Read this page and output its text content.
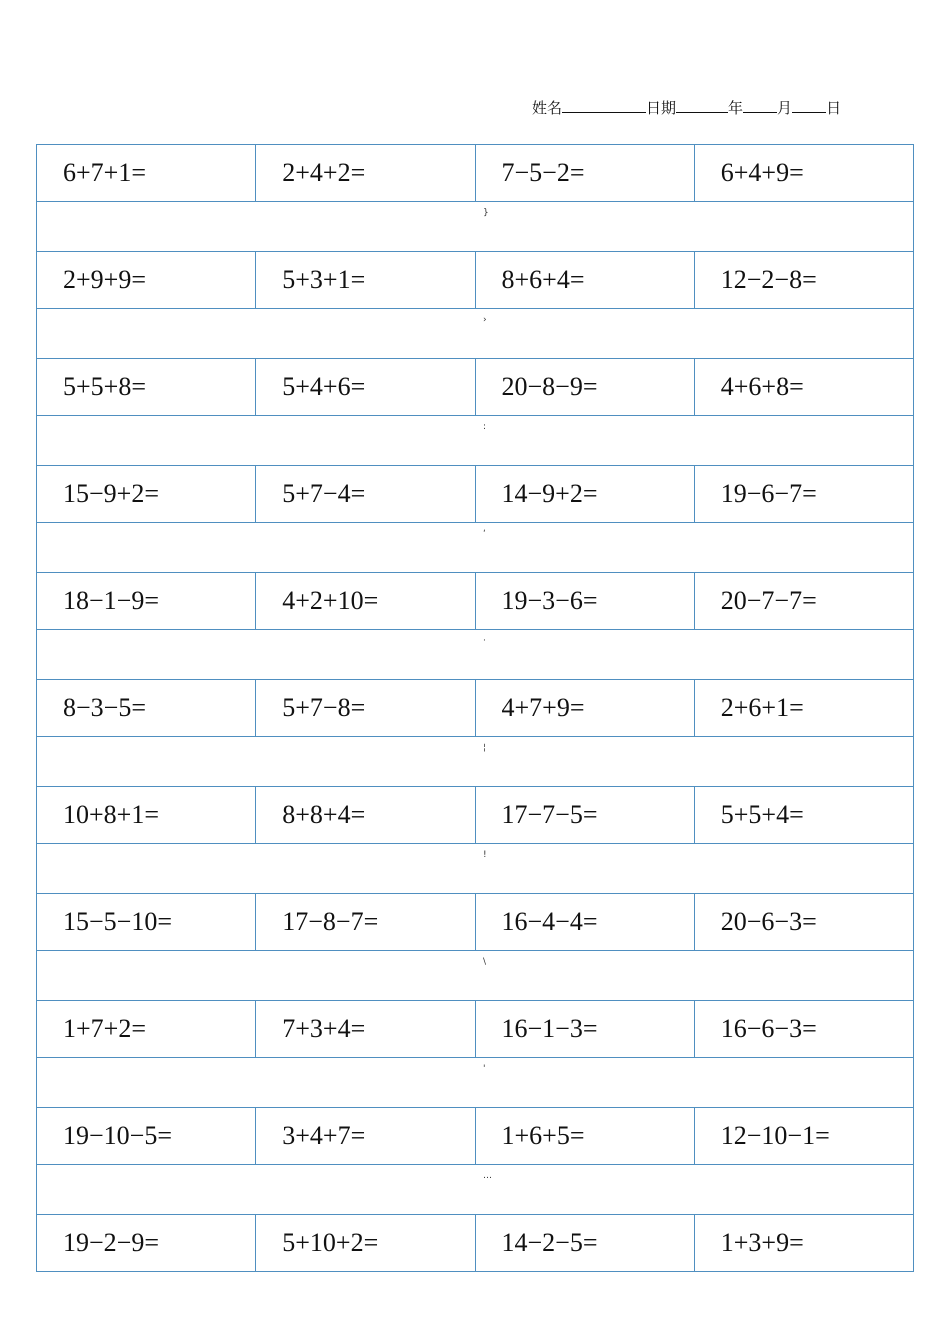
姓名	日期	年 月 日
6+7+1=	2+4+2=	7−5−2=	6+4+9=
}
2+9+9=	5+3+1=	8+6+4=	12−2−8=
›
5+5+8=	5+4+6=	20−8−9=	4+6+8=
:
15−9+2=	5+7−4=	14−9+2=	19−6−7=
‘
18−1−9=	4+2+10=	19−3−6=	20−7−7=
·
8−3−5=	5+7−8=	4+7+9=	2+6+1=
¦
10+8+1=	8+8+4=	17−7−5=	5+5+4=
!
15−5−10=	17−8−7=	16−4−4=	20−6−3=
\
1+7+2=	7+3+4=	16−1−3=	16−6−3=
'
19−10−5=	3+4+7=	1+6+5=	12−10−1=
…
19−2−9=	5+10+2=	14−2−5=	1+3+9=
